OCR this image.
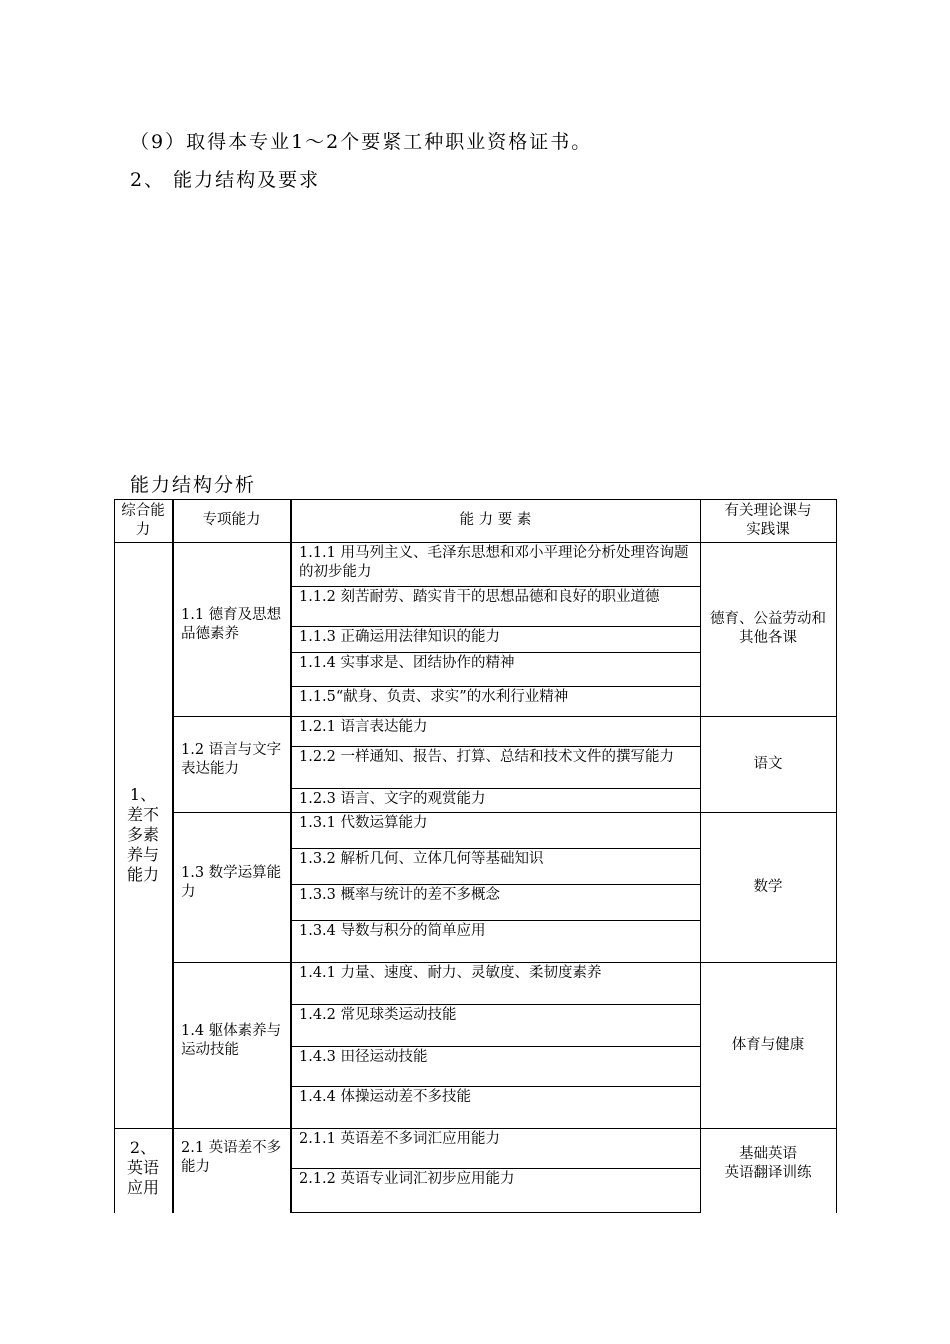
（9）取得本专业1～2个要紧工种职业资格证书。
2、 能力结构及要求
能力结构分析
综合能力
专项能力	能 力 要 素
有关理论课与实践课
1、差不多素养与能力
1.1 德育及思想品德素养
1.1.1 用马列主义、毛泽东思想和邓小平理论分析处理咨询题的初步能力
1.1.2 刻苦耐劳、踏实肯干的思想品德和良好的职业道德
1.1.3 正确运用法律知识的能力
1.1.4 实事求是、团结协作的精神
1.1.5“献身、负责、求实”的水利行业精神
德育、公益劳动和其他各课
1.2 语言与文字表达能力
1.2.1 语言表达能力
1.2.2 一样通知、报告、打算、总结和技术文件的撰写能力
1.2.3 语言、文字的观赏能力
语文
1.3 数学运算能力
1.3.1 代数运算能力
1.3.2 解析几何、立体几何等基础知识
1.3.3 概率与统计的差不多概念
1.3.4 导数与积分的简单应用
数学
1.4 躯体素养与运动技能
1.4.1 力量、速度、耐力、灵敏度、柔韧度素养
1.4.2 常见球类运动技能
1.4.3 田径运动技能
1.4.4 体操运动差不多技能
体育与健康
2、英语应用
2.1 英语差不多能力
2.1.1 英语差不多词汇应用能力
2.1.2 英语专业词汇初步应用能力
基础英语
英语翻译训练
